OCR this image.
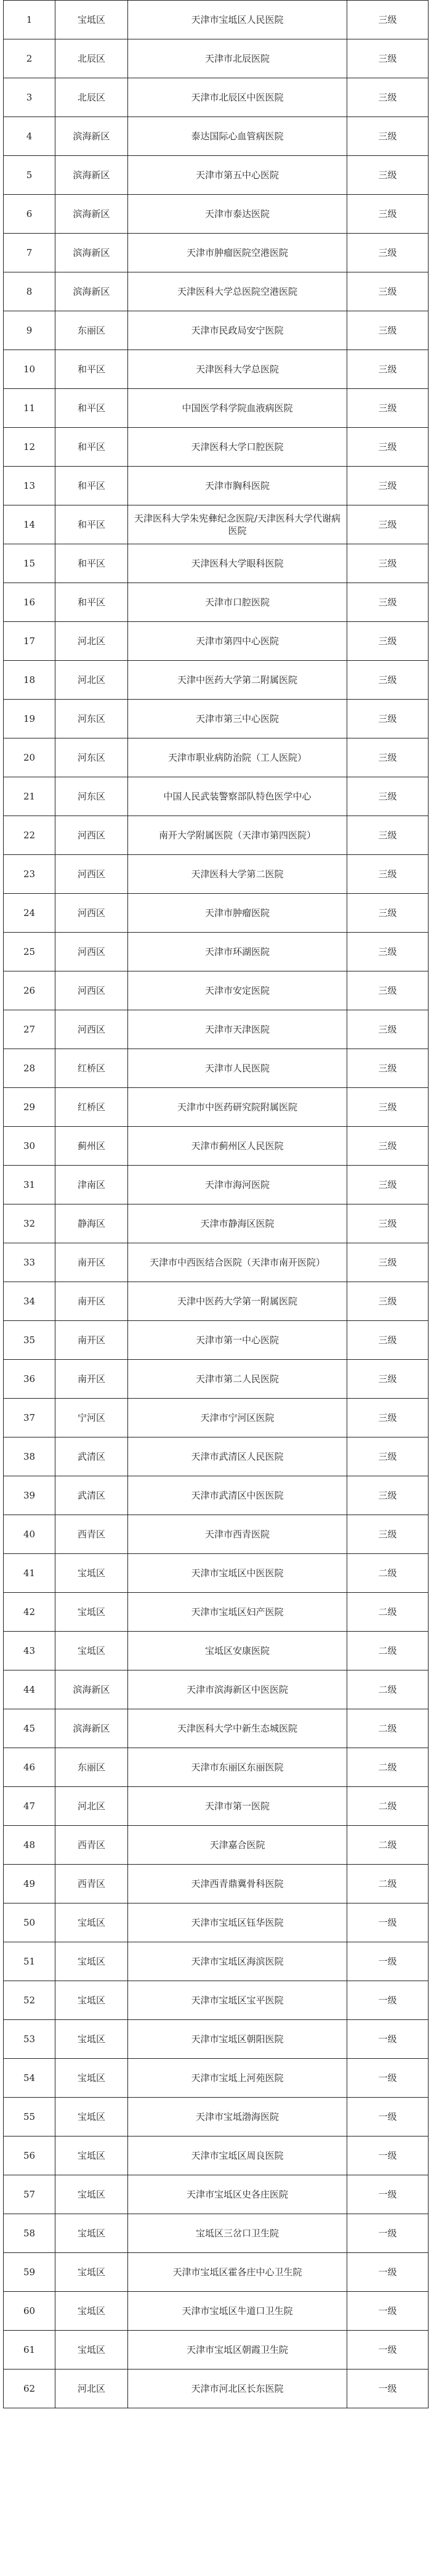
1	宝坻区	天津市宝坻区人民医院	三级
2	北辰区	天津市北辰医院	三级
3	北辰区	天津市北辰区中医医院	三级
4	滨海新区	泰达国际心血管病医院	三级
5	滨海新区	天津市第五中心医院	三级
6	滨海新区	天津市泰达医院	三级
7	滨海新区	天津市肿瘤医院空港医院	三级
8	滨海新区	天津医科大学总医院空港医院	三级
9	东丽区	天津市民政局安宁医院	三级
10	和平区	天津医科大学总医院	三级
11	和平区	中国医学科学院血液病医院	三级
12	和平区	天津医科大学口腔医院	三级
13	和平区	天津市胸科医院	三级
14	和平区	天津医科大学朱宪彝纪念医院/天津医科大学代谢病医院	三级
15	和平区	天津医科大学眼科医院	三级
16	和平区	天津市口腔医院	三级
17	河北区	天津市第四中心医院	三级
18	河北区	天津中医药大学第二附属医院	三级
19	河东区	天津市第三中心医院	三级
20	河东区	天津市职业病防治院（工人医院）	三级
21	河东区	中国人民武装警察部队特色医学中心	三级
22	河西区	南开大学附属医院（天津市第四医院）	三级
23	河西区	天津医科大学第二医院	三级
24	河西区	天津市肿瘤医院	三级
25	河西区	天津市环湖医院	三级
26	河西区	天津市安定医院	三级
27	河西区	天津市天津医院	三级
28	红桥区	天津市人民医院	三级
29	红桥区	天津市中医药研究院附属医院	三级
30	蓟州区	天津市蓟州区人民医院	三级
31	津南区	天津市海河医院	三级
32	静海区	天津市静海区医院	三级
33	南开区	天津市中西医结合医院（天津市南开医院）	三级
34	南开区	天津中医药大学第一附属医院	三级
35	南开区	天津市第一中心医院	三级
36	南开区	天津市第二人民医院	三级
37	宁河区	天津市宁河区医院	三级
38	武清区	天津市武清区人民医院	三级
39	武清区	天津市武清区中医医院	三级
40	西青区	天津市西青医院	三级
41	宝坻区	天津市宝坻区中医医院	二级
42	宝坻区	天津市宝坻区妇产医院	二级
43	宝坻区	宝坻区安康医院	二级
44	滨海新区	天津市滨海新区中医医院	二级
45	滨海新区	天津医科大学中新生态城医院	二级
46	东丽区	天津市东丽区东丽医院	二级
47	河北区	天津市第一医院	二级
48	西青区	天津嘉合医院	二级
49	西青区	天津西青鼎冀骨科医院	二级
50	宝坻区	天津市宝坻区钰华医院	一级
51	宝坻区	天津市宝坻区海滨医院	一级
52	宝坻区	天津市宝坻区宝平医院	一级
53	宝坻区	天津市宝坻区朝阳医院	一级
54	宝坻区	天津市宝坻上河苑医院	一级
55	宝坻区	天津市宝坻渤海医院	一级
56	宝坻区	天津市宝坻区周良医院	一级
57	宝坻区	天津市宝坻区史各庄医院	一级
58	宝坻区	宝坻区三岔口卫生院	一级
59	宝坻区	天津市宝坻区霍各庄中心卫生院	一级
60	宝坻区	天津市宝坻区牛道口卫生院	一级
61	宝坻区	天津市宝坻区朝霞卫生院	一级
62	河北区	天津市河北区长东医院	一级
